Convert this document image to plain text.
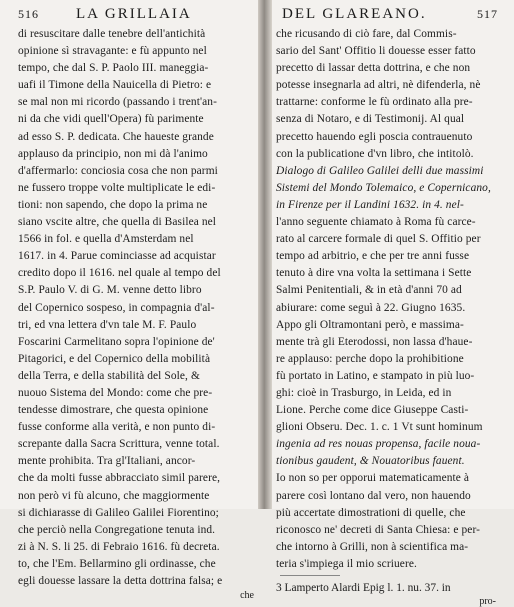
516 LA GRILLAIA
di resuscitare dalle tenebre dell'antichità
opinione sì stravagante: e fù appunto nel
tempo, che dal S. P. Paolo III. maneggia-
uafi il Timone della Nauicella di Pietro: e
se mal non mi ricordo (passando i trent'an-
ni da che vidi quell'Opera) fù parimente
ad esso S. P. dedicata. Che haueste grande
applauso da principio, non mi dà l'animo
d'affermarlo: conciosia cosa che non parmi
ne fussero troppe volte multiplicate le edi-
tioni: non sapendo, che dopo la prima ne
siano vscite altre, che quella di Basilea nel
1566 in fol. e quella d'Amsterdam nel
1617. in 4. Parue cominciasse ad acquistar
credito dopo il 1616. nel quale al tempo del
S.P. Paulo V. di G. M. venne detto libro
del Copernico sospeso, in compagnia d'al-
tri, ed vna lettera d'vn tale M. F. Paulo
Foscarini Carmelitano sopra l'opinione de'
Pitagorici, e del Copernico della mobilità
della Terra, e della stabilità del Sole, &
nuouo Sistema del Mondo: come che pre-
tendesse dimostrare, che questa opinione
fusse conforme alla verità, e non punto di-
screpante dalla Sacra Scrittura, venne total.
mente prohibita. Tra gl'Italiani, ancor-
che da molti fusse abbracciato simil parere,
non però vi fù alcuno, che maggiormente
si dichiarasse di Galileo Galilei Fiorentino;
che perciò nella Congregatione tenuta ind.
zi à N. S. li 25. di Febraio 1616. fù decreta.
to, che l'Em. Bellarmino gli ordinasse, che
egli douesse lassare la detta dottrina falsa; e
che
DEL GLAREANO.	517
che ricusando di ciò fare, dal Commis-
sario del Sant' Offitio li douesse esser fatto
precetto di lassar detta dottrina, e che non
potesse insegnarla ad altri, nè difenderla, nè
trattarne: conforme le fù ordinato alla pre-
senza di Notaro, e di Testimonij. Al qual
precetto hauendo egli poscia contrauenuto
con la publicatione d'vn libro, che intitolò.
Dialogo di Galileo Galilei delli due massimi
Sistemi del Mondo Tolemaico, e Copernicano,
in Firenze per il Landini 1632. in 4. nel-
l'anno seguente chiamato à Roma fù carce-
rato al carcere formale di quel S. Offitio per
tempo ad arbitrio, e che per tre anni fusse
tenuto à dire vna volta la settimana i Sette
Salmi Penitentiali, & in età d'anni 70 ad
abiurare: come seguì à 22. Giugno 1635.
Appo gli Oltramontani però, e massima-
mente trà gli Eterodossi, non lassa d'haue-
re applauso: perche dopo la prohibitione
fù portato in Latino, e stampato in più luo-
ghi: cioè in Trasburgo, in Leida, ed in
Lione. Perche come dice Giuseppe Casti-
glioni Obseru. Dec. 1. c. 1 Vt sunt hominum
ingenia ad res nouas propensa, facile noua-
tionibus gaudent, & Nouatoribus fauent.
Io non so per opporui matematicamente à
parere così lontano dal vero, non hauendo
più accertate dimostrationi di quelle, che
riconosco ne' decreti di Santa Chiesa: e per-
che intorno à Grilli, non à scientifica ma-
teria s'impiega il mio scriuere.
3 Lamperto Alardi Epig l. 1. nu. 37. in
pro-
